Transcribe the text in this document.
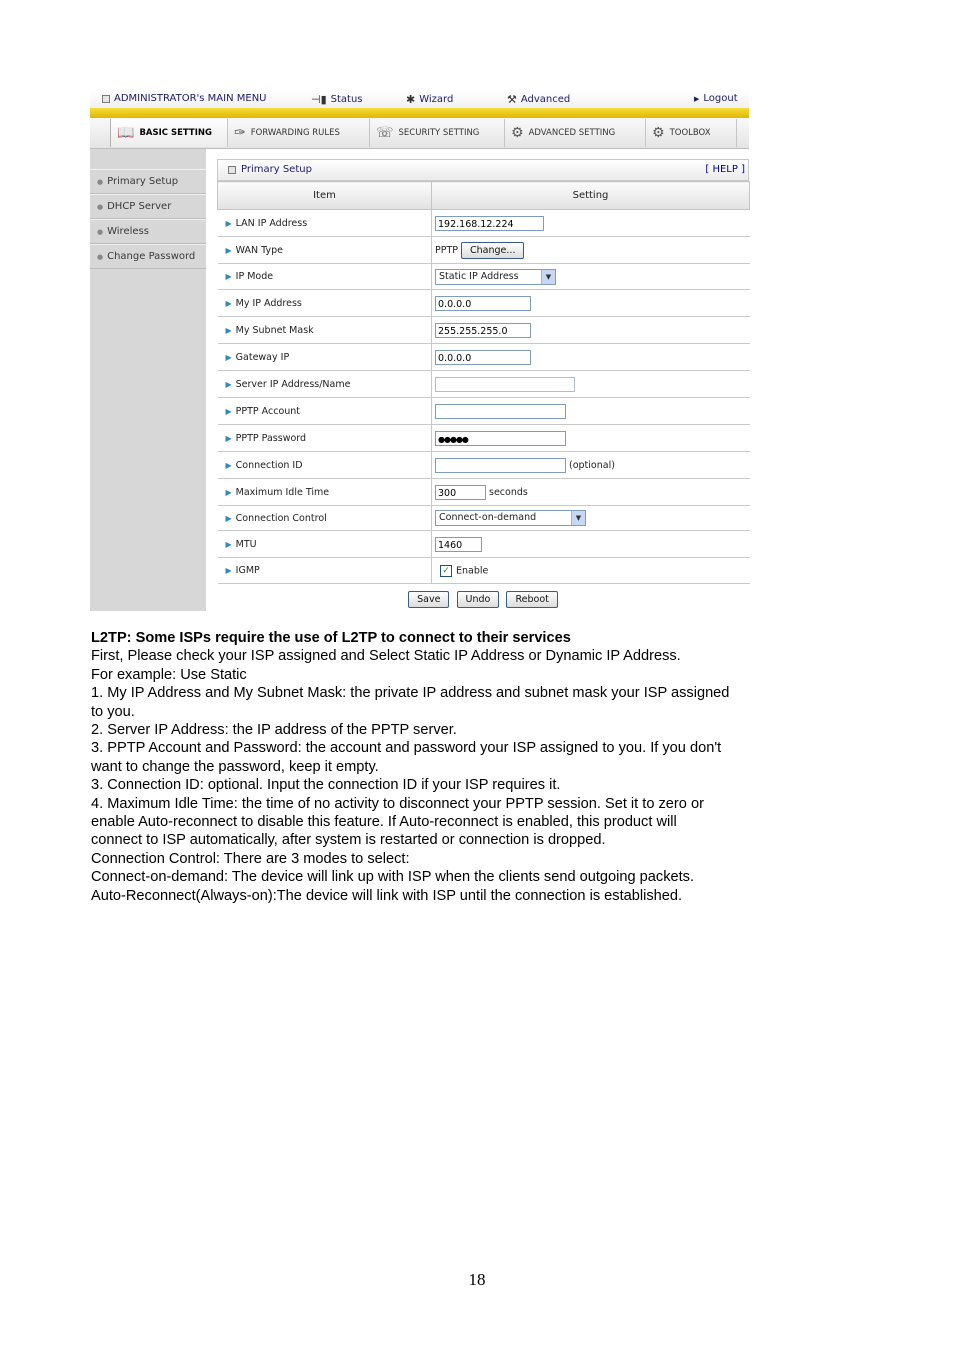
ADMINISTRATOR's MAIN MENU	⊣▮ Status	✱ Wizard	⚒ Advanced	▶ Logout
📖 BASIC SETTING ✑ FORWARDING RULES	☏ SECURITY SETTING ⚙ ADVANCED SETTING	⚙ TOOLBOX
● Primary Setup
● DHCP Server
● Wireless
● Change Password
Primary Setup	[ HELP ]
Item	Setting
▶ LAN IP Address	192.168.12.224
▶ WAN Type	PPTP Change...
▶ IP Mode	Static IP Address ▼

▶ My IP Address	0.0.0.0
▶ My Subnet Mask	255.255.255.0
▶ Gateway IP	0.0.0.0
▶ Server IP Address/Name	
▶ PPTP Account	
▶ PPTP Password	●●●●●
▶ Connection ID	(optional)
▶ Maximum Idle Time	300 seconds
▶ Connection Control	Connect-on-demand ▼

▶ MTU	1460
▶ IGMP	✓ Enable
Save	Undo	Reboot
L2TP: Some ISPs require the use of L2TP to connect to their services
First, Please check your ISP assigned and Select Static IP Address or Dynamic IP Address.
For example: Use Static
1. My IP Address and My Subnet Mask: the private IP address and subnet mask your ISP assigned
to you.
2. Server IP Address: the IP address of the PPTP server.
3. PPTP Account and Password: the account and password your ISP assigned to you. If you don't
want to change the password, keep it empty.
3. Connection ID: optional. Input the connection ID if your ISP requires it.
4. Maximum Idle Time: the time of no activity to disconnect your PPTP session. Set it to zero or
enable Auto-reconnect to disable this feature. If Auto-reconnect is enabled, this product will
connect to ISP automatically, after system is restarted or connection is dropped.
Connection Control: There are 3 modes to select:
Connect-on-demand: The device will link up with ISP when the clients send outgoing packets.
Auto-Reconnect(Always-on):The device will link with ISP until the connection is established.
18
